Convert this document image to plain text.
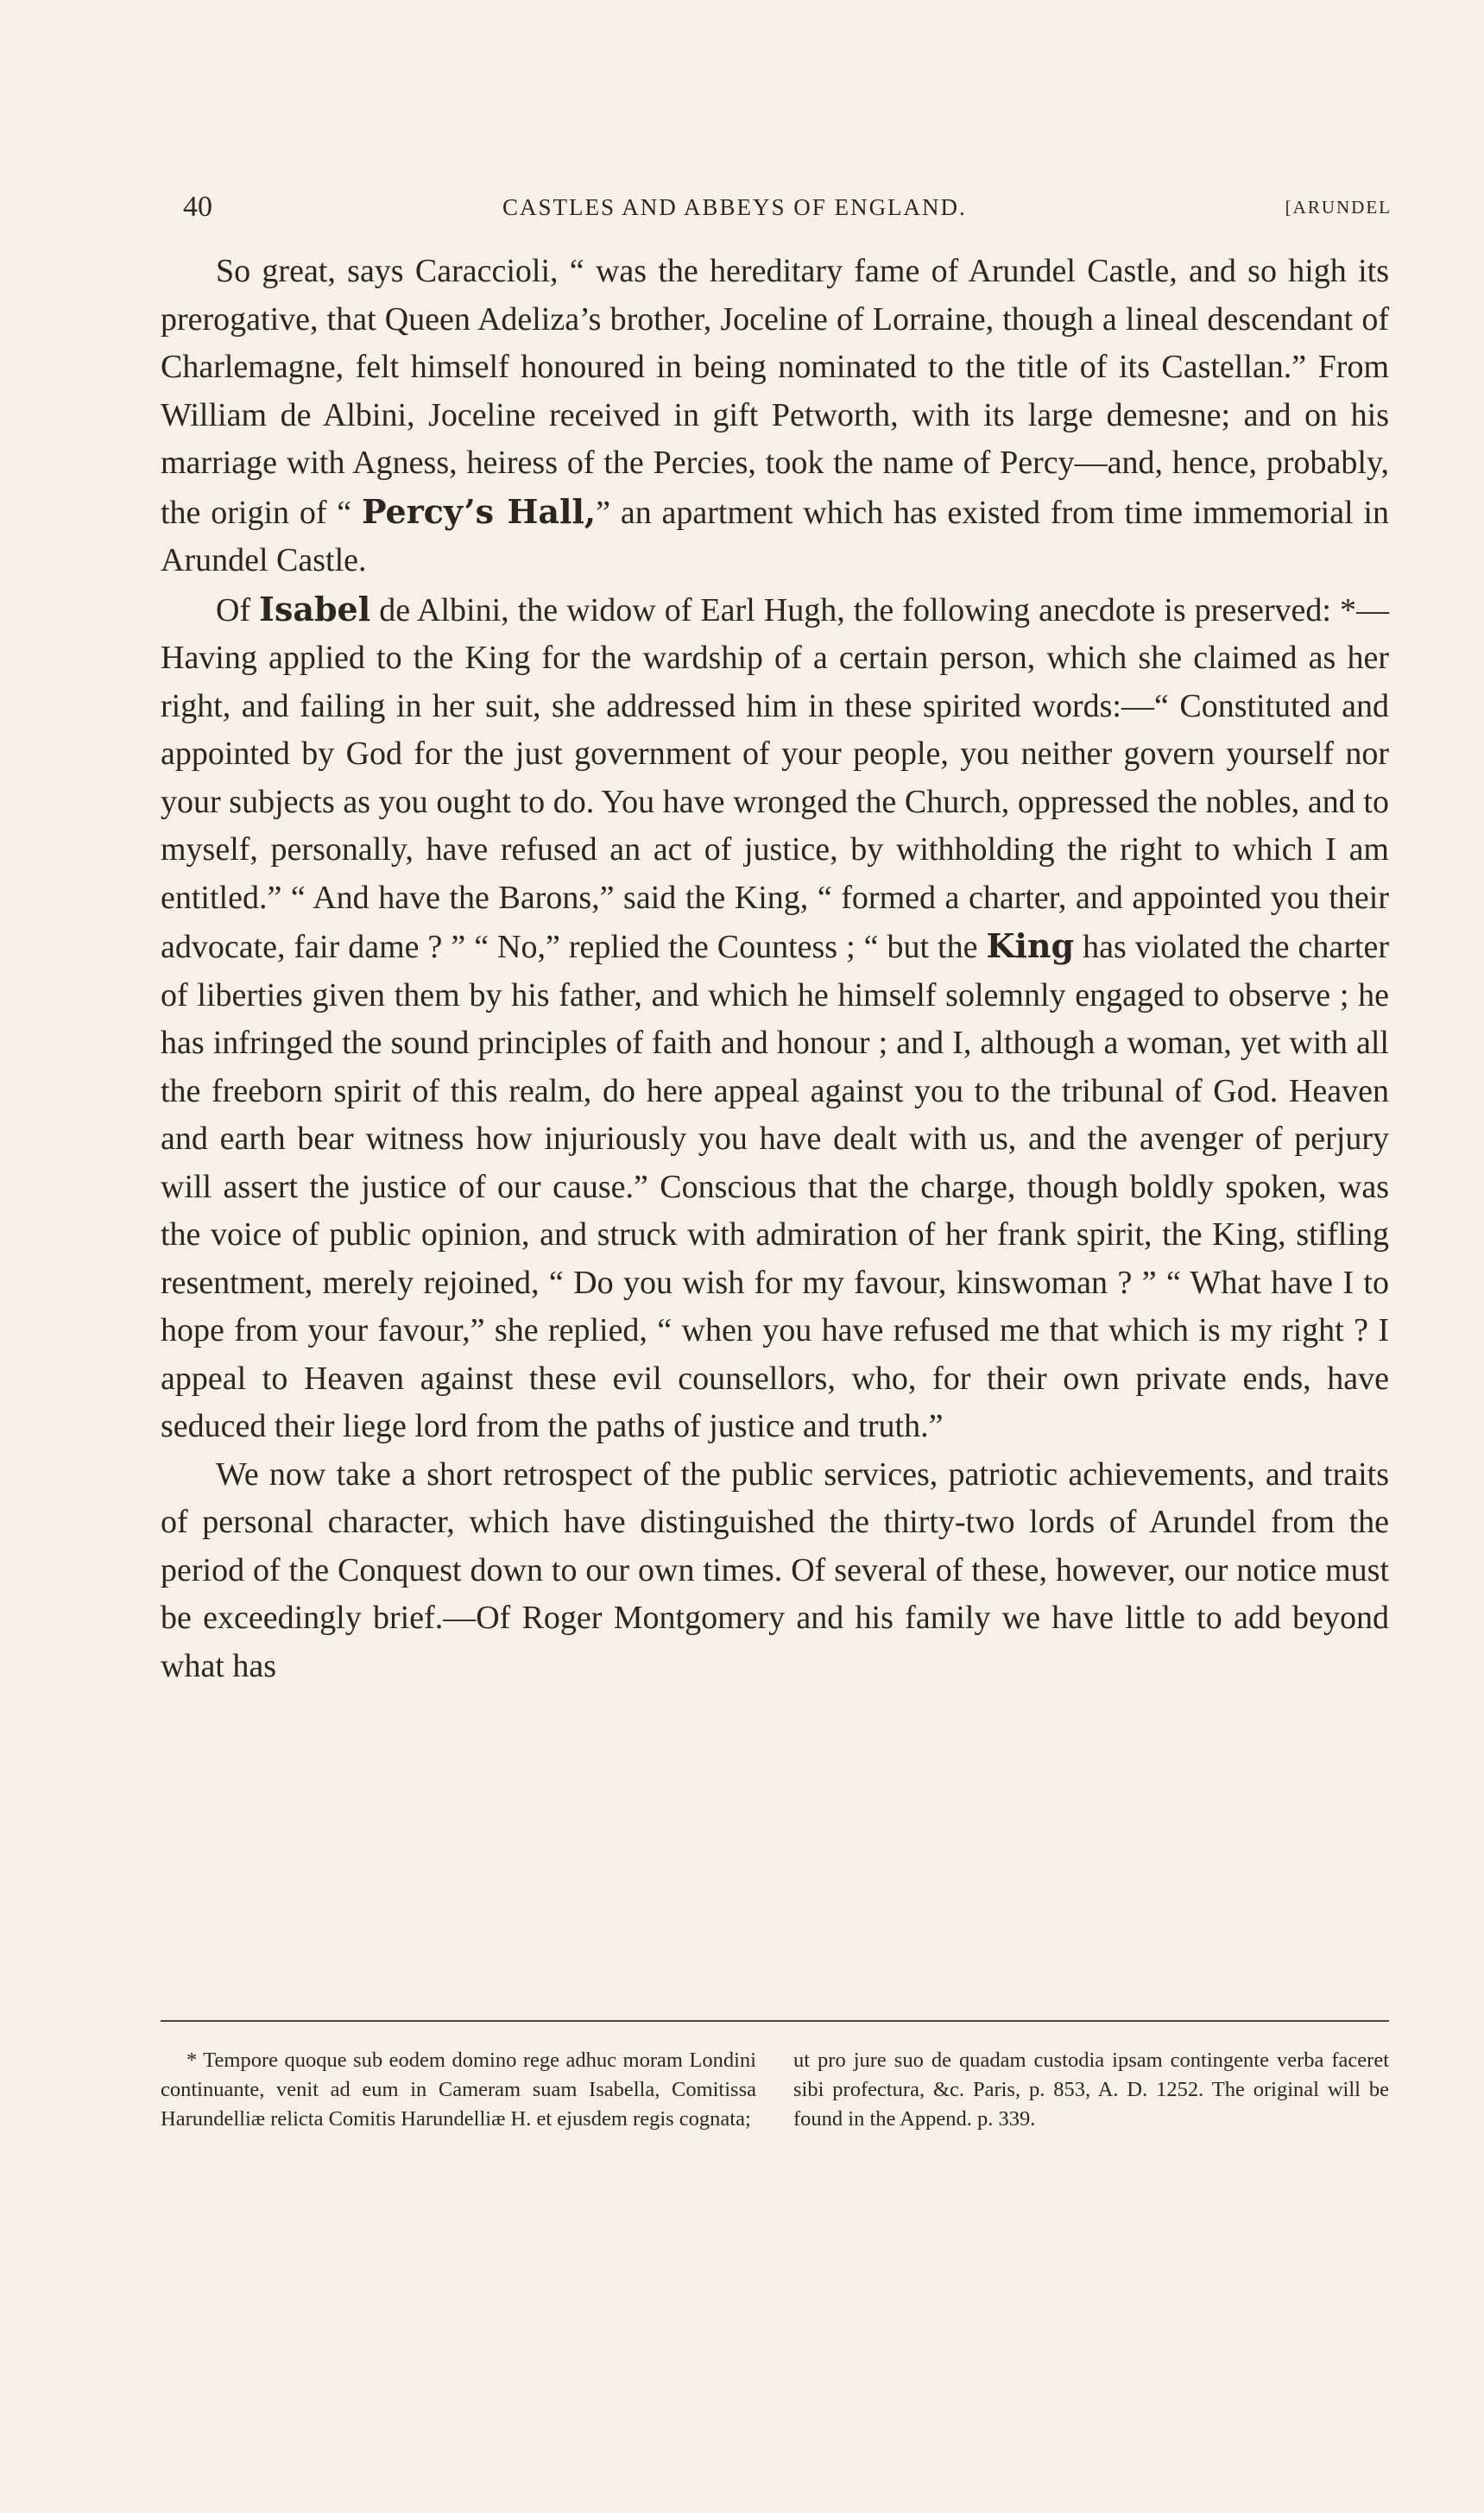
40	CASTLES AND ABBEYS OF ENGLAND.	[ARUNDEL

So great, says Caraccioli, “ was the hereditary fame of Arundel Castle, and so high its prerogative, that Queen Adeliza’s brother, Joceline of Lorraine, though a lineal descendant of Charlemagne, felt himself honoured in being nominated to the title of its Castellan.” From William de Albini, Joceline received in gift Petworth, with its large demesne; and on his marriage with Agness, heiress of the Percies, took the name of Percy—and, hence, probably, the origin of “ Percy’s Hall,” an apartment which has existed from time immemorial in Arundel Castle.

Of Isabel de Albini, the widow of Earl Hugh, the following anecdote is preserved: *—Having applied to the King for the wardship of a certain person, which she claimed as her right, and failing in her suit, she addressed him in these spirited words:—“ Constituted and appointed by God for the just government of your people, you neither govern yourself nor your subjects as you ought to do. You have wronged the Church, oppressed the nobles, and to myself, personally, have refused an act of justice, by withholding the right to which I am entitled.” “ And have the Barons,” said the King, “ formed a charter, and appointed you their advocate, fair dame ? ” “ No,” replied the Countess ; “ but the King has violated the charter of liberties given them by his father, and which he himself solemnly engaged to observe ; he has infringed the sound principles of faith and honour ; and I, although a woman, yet with all the freeborn spirit of this realm, do here appeal against you to the tribunal of God. Heaven and earth bear witness how injuriously you have dealt with us, and the avenger of perjury will assert the justice of our cause.” Conscious that the charge, though boldly spoken, was the voice of public opinion, and struck with admiration of her frank spirit, the King, stifling resentment, merely rejoined, “ Do you wish for my favour, kinswoman ? ” “ What have I to hope from your favour,” she replied, “ when you have refused me that which is my right ? I appeal to Heaven against these evil counsellors, who, for their own private ends, have seduced their liege lord from the paths of justice and truth.”

We now take a short retrospect of the public services, patriotic achievements, and traits of personal character, which have distinguished the thirty-two lords of Arundel from the period of the Conquest down to our own times. Of several of these, however, our notice must be exceedingly brief.—Of Roger Montgomery and his family we have little to add beyond what has

* Tempore quoque sub eodem domino rege adhuc moram Londini continuante, venit ad eum in Cameram suam Isabella, Comitissa Harundelliæ relicta Comitis Harundelliæ H. et ejusdem regis cognata;

ut pro jure suo de quadam custodia ipsam contingente verba faceret sibi profectura, &c. Paris, p. 853, A. D. 1252. The original will be found in the Append. p. 339.
